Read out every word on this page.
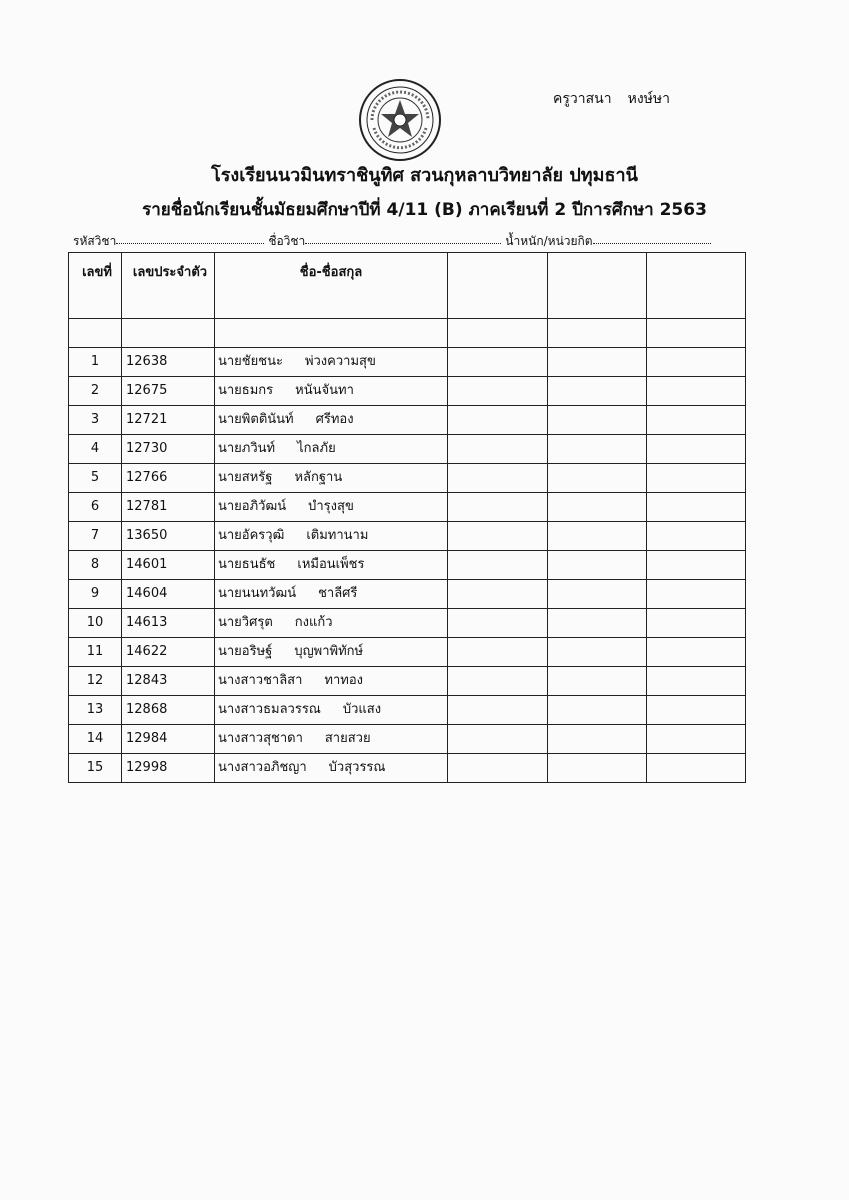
ครูวาสนา หงษ์ษา
โรงเรียนนวมินทราชินูทิศ สวนกุหลาบวิทยาลัย ปทุมธานี
รายชื่อนักเรียนชั้นมัธยมศึกษาปีที่ 4/11 (B) ภาคเรียนที่ 2 ปีการศึกษา 2563
รหัสวิชา	ชื่อวิชา	น้ำหนัก/หน่วยกิต
เลขที่	เลขประจำตัว	ชื่อ-ชื่อสกุล			

1	12638	นายชัยชนะ พ่วงความสุข			
2	12675	นายธมกร หนันจันทา			
3	12721	นายพิตตินันท์ ศรีทอง			
4	12730	นายภวินท์ ไกลภัย			
5	12766	นายสหรัฐ หลักฐาน			
6	12781	นายอภิวัฒน์ บำรุงสุข			
7	13650	นายอัครวุฒิ เติมทานาม			
8	14601	นายธนธัช เหมือนเพ็ชร			
9	14604	นายนนทวัฒน์ ชาลีศรี			
10	14613	นายวิศรุต กงแก้ว			
11	14622	นายอริษฐ์ บุญพาพิทักษ์			
12	12843	นางสาวชาลิสา ทาทอง			
13	12868	นางสาวธมลวรรณ บัวแสง			
14	12984	นางสาวสุชาดา สายสวย			
15	12998	นางสาวอภิชญา บัวสุวรรณ			
